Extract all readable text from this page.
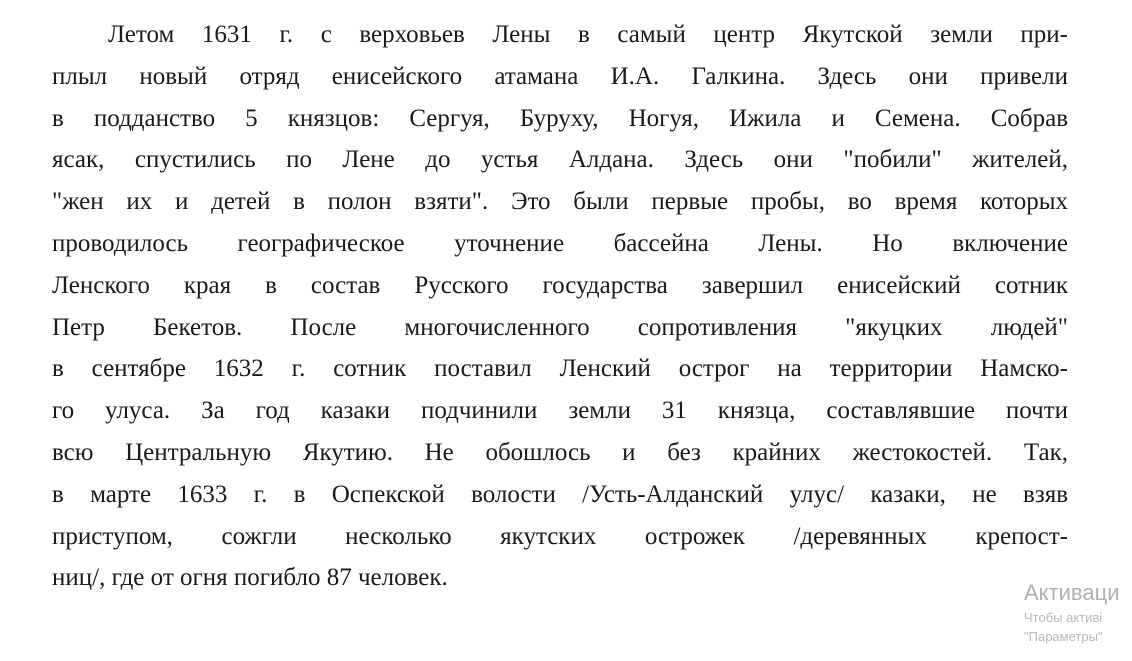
Летом 1631 г. с верховьев Лены в самый центр Якутской земли при-
плыл новый отряд енисейского атамана И.А. Галкина. Здесь они привели
в подданство 5 князцов: Сергуя, Буруху, Ногуя, Ижила и Семена. Собрав
ясак, спустились по Лене до устья Алдана. Здесь они "побили" жителей,
"жен их и детей в полон взяти". Это были первые пробы, во время которых
проводилось географическое уточнение бассейна Лены. Но включение
Ленского края в состав Русского государства завершил енисейский сотник
Петр Бекетов. После многочисленного сопротивления "якуцких людей"
в сентябре 1632 г. сотник поставил Ленский острог на территории Намско-
го улуса. За год казаки подчинили земли 31 князца, составлявшие почти
всю Центральную Якутию. Не обошлось и без крайних жестокостей. Так,
в марте 1633 г. в Оспекской волости /Усть-Алданский улус/ казаки, не взяв
приступом, сожгли несколько якутских острожек /деревянных крепост-
ниц/, где от огня погибло 87 человек.
Активаци
Чтобы активі
"Параметры"
